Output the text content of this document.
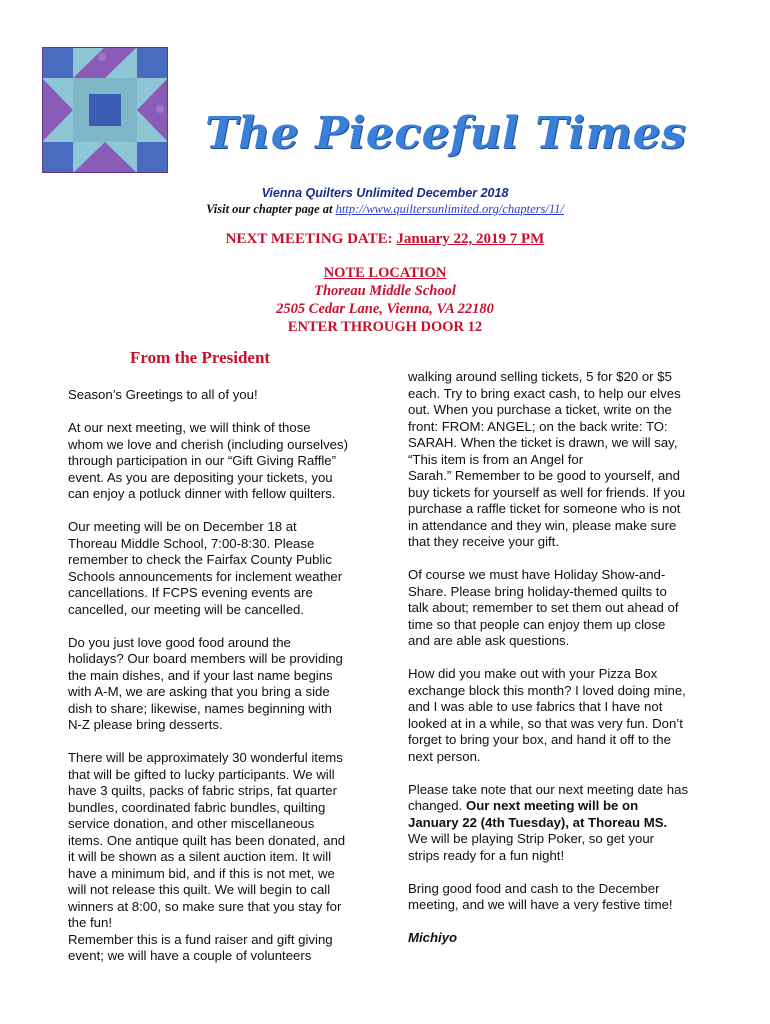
The Pieceful Times
Vienna Quilters Unlimited December 2018
Visit our chapter page at http://www.quiltersunlimited.org/chapters/11/
NEXT MEETING DATE: January 22, 2019 7 PM
NOTE LOCATION
Thoreau Middle School
2505 Cedar Lane, Vienna, VA 22180
ENTER THROUGH DOOR 12
From the President

Season’s Greetings to all of you!

At our next meeting, we will think of those
whom we love and cherish (including ourselves)
through participation in our “Gift Giving Raffle”
event. As you are depositing your tickets, you
can enjoy a potluck dinner with fellow quilters.

Our meeting will be on December 18 at
Thoreau Middle School, 7:00-8:30. Please
remember to check the Fairfax County Public
Schools announcements for inclement weather
cancellations. If FCPS evening events are
cancelled, our meeting will be cancelled.

Do you just love good food around the
holidays? Our board members will be providing
the main dishes, and if your last name begins
with A-M, we are asking that you bring a side
dish to share; likewise, names beginning with
N-Z please bring desserts.

There will be approximately 30 wonderful items
that will be gifted to lucky participants. We will
have 3 quilts, packs of fabric strips, fat quarter
bundles, coordinated fabric bundles, quilting
service donation, and other miscellaneous
items. One antique quilt has been donated, and
it will be shown as a silent auction item. It will
have a minimum bid, and if this is not met, we
will not release this quilt. We will begin to call
winners at 8:00, so make sure that you stay for
the fun!

Remember this is a fund raiser and gift giving
event; we will have a couple of volunteers

walking around selling tickets, 5 for $20 or $5
each. Try to bring exact cash, to help our elves
out. When you purchase a ticket, write on the
front: FROM: ANGEL; on the back write: TO:
SARAH. When the ticket is drawn, we will say,
“This item is from an Angel for
Sarah.” Remember to be good to yourself, and
buy tickets for yourself as well for friends. If you
purchase a raffle ticket for someone who is not
in attendance and they win, please make sure
that they receive your gift.

Of course we must have Holiday Show-and-
Share. Please bring holiday-themed quilts to
talk about; remember to set them out ahead of
time so that people can enjoy them up close
and are able ask questions.

How did you make out with your Pizza Box
exchange block this month? I loved doing mine,
and I was able to use fabrics that I have not
looked at in a while, so that was very fun. Don’t
forget to bring your box, and hand it off to the
next person.

Please take note that our next meeting date has
changed. Our next meeting will be on
January 22 (4th Tuesday), at Thoreau MS.
We will be playing Strip Poker, so get your
strips ready for a fun night!

Bring good food and cash to the December
meeting, and we will have a very festive time!

Michiyo
